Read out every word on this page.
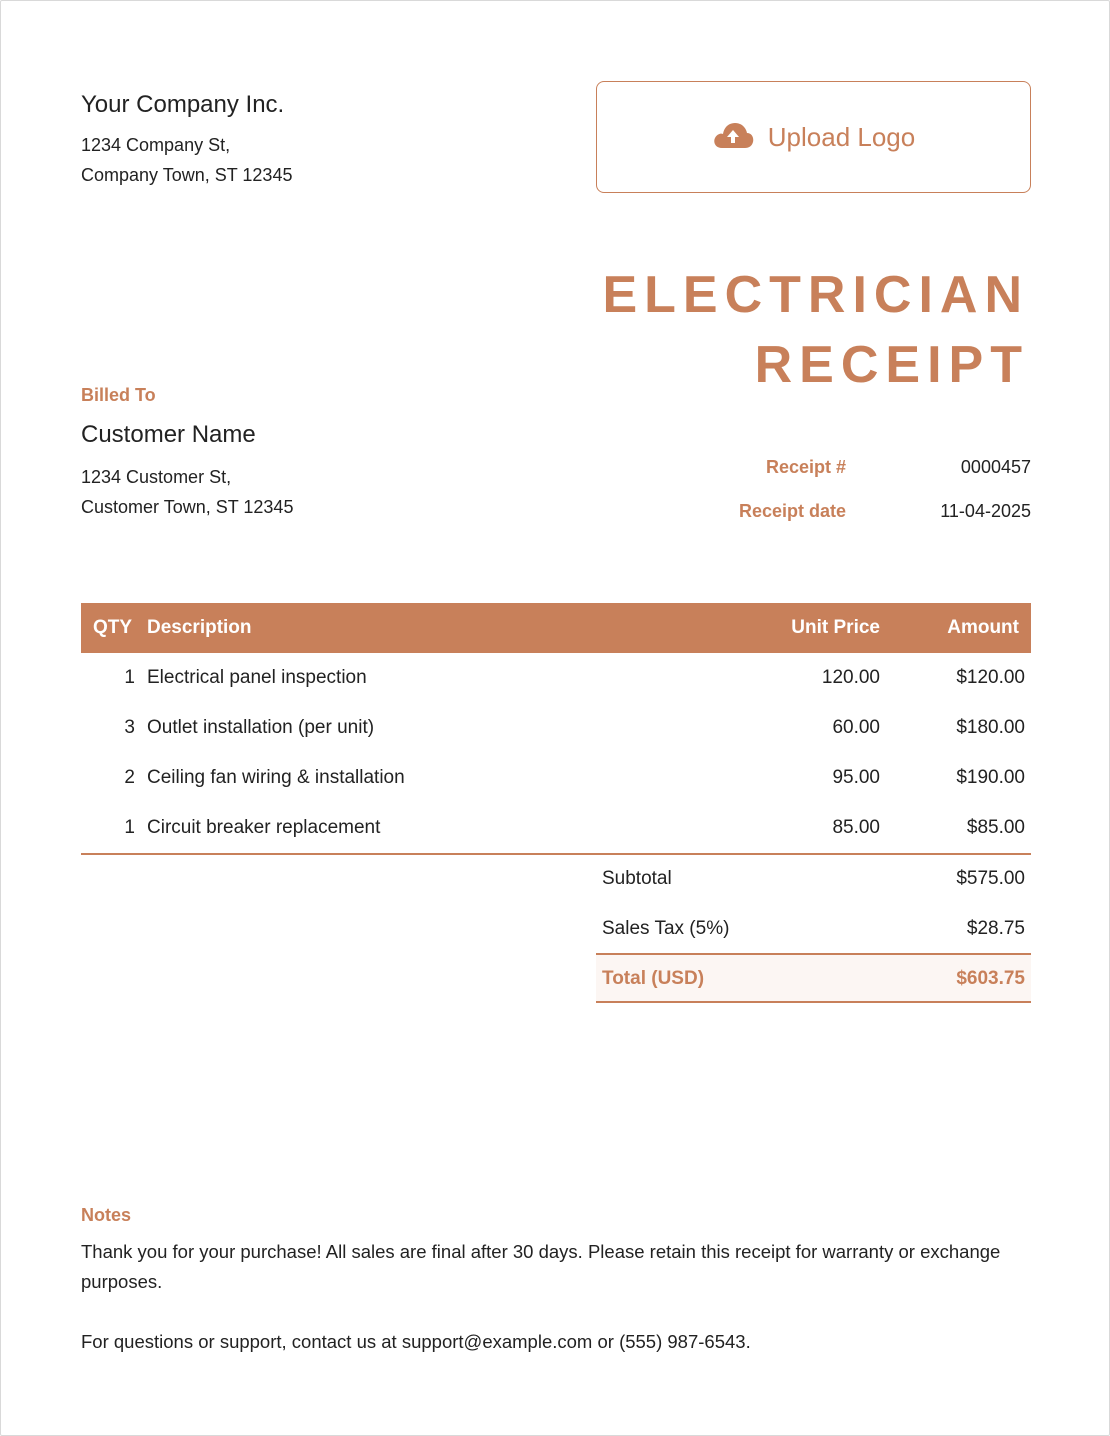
Your Company Inc.
1234 Company St,
Company Town, ST 12345
Upload Logo
ELECTRICIAN
RECEIPT
Billed To
Customer Name
1234 Customer St,
Customer Town, ST 12345
Receipt #	0000457
Receipt date	11-04-2025
QTY Description	Unit Price	Amount
1 Electrical panel inspection	120.00	$120.00
3 Outlet installation (per unit)	60.00	$180.00
2 Ceiling fan wiring & installation	95.00	$190.00
1 Circuit breaker replacement	85.00	$85.00
Subtotal	$575.00
Sales Tax (5%)	$28.75
Total (USD)	$603.75
Notes
Thank you for your purchase! All sales are final after 30 days. Please retain this receipt for warranty or exchange purposes.
For questions or support, contact us at support@example.com or (555) 987-6543.
